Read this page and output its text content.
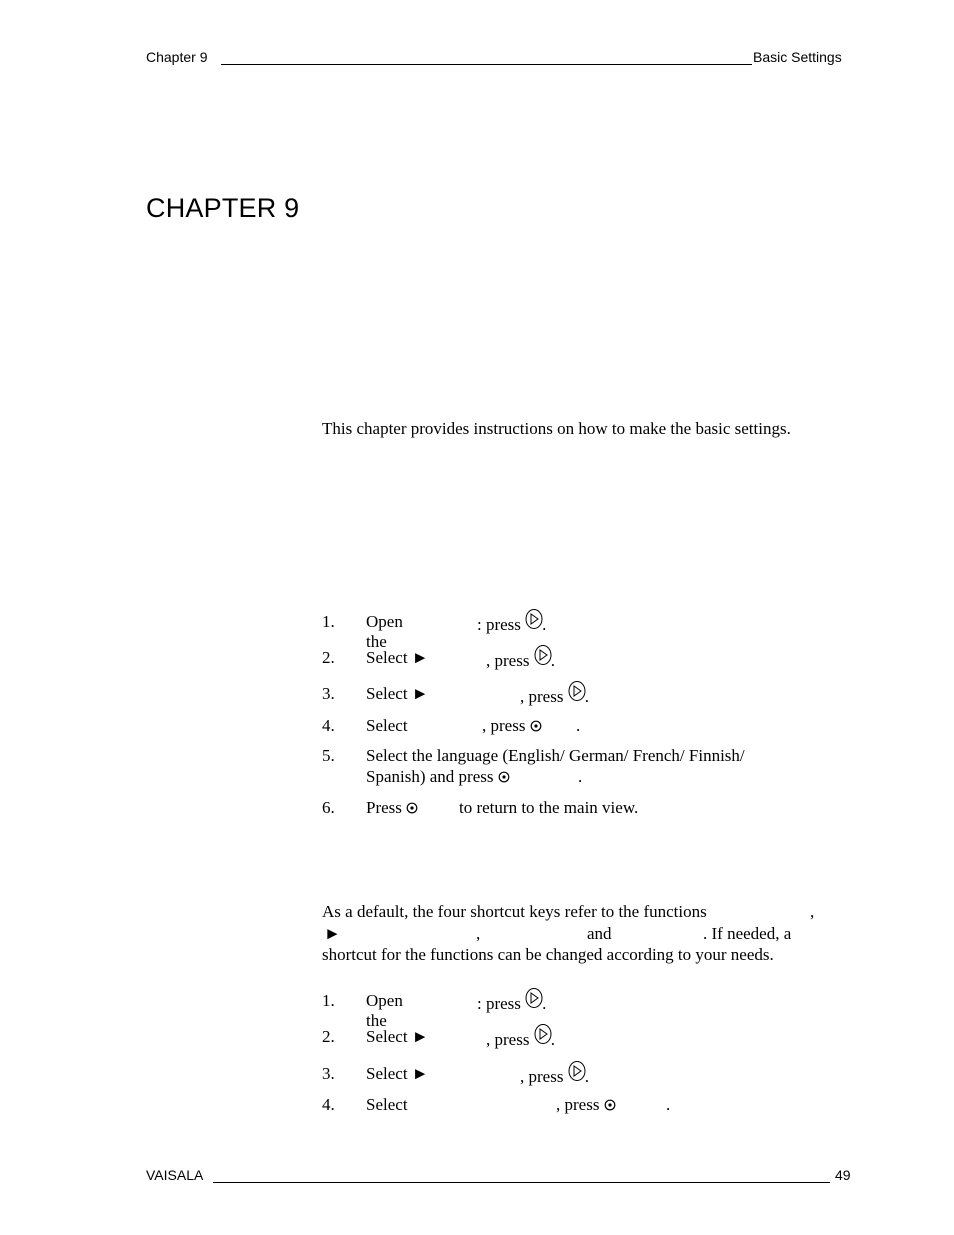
Chapter 9	Basic Settings
CHAPTER 9
This chapter provides instructions on how to make the basic settings.
1. Open the
: press .
2. Select ►	, press .
3. Select ►	, press .
4. Select	, press	.
5. Select the language (English/ German/ French/ Finnish/
Spanish) and press	.
6. Press	to return to the main view.
As a default, the four shortcut keys refer to the functions	,
►	,	and	. If needed, a
shortcut for the functions can be changed according to your needs.
1. Open the
: press .
2. Select ►	, press .
3. Select ►	, press .
4. Select	, press	.
VAISALA	49
